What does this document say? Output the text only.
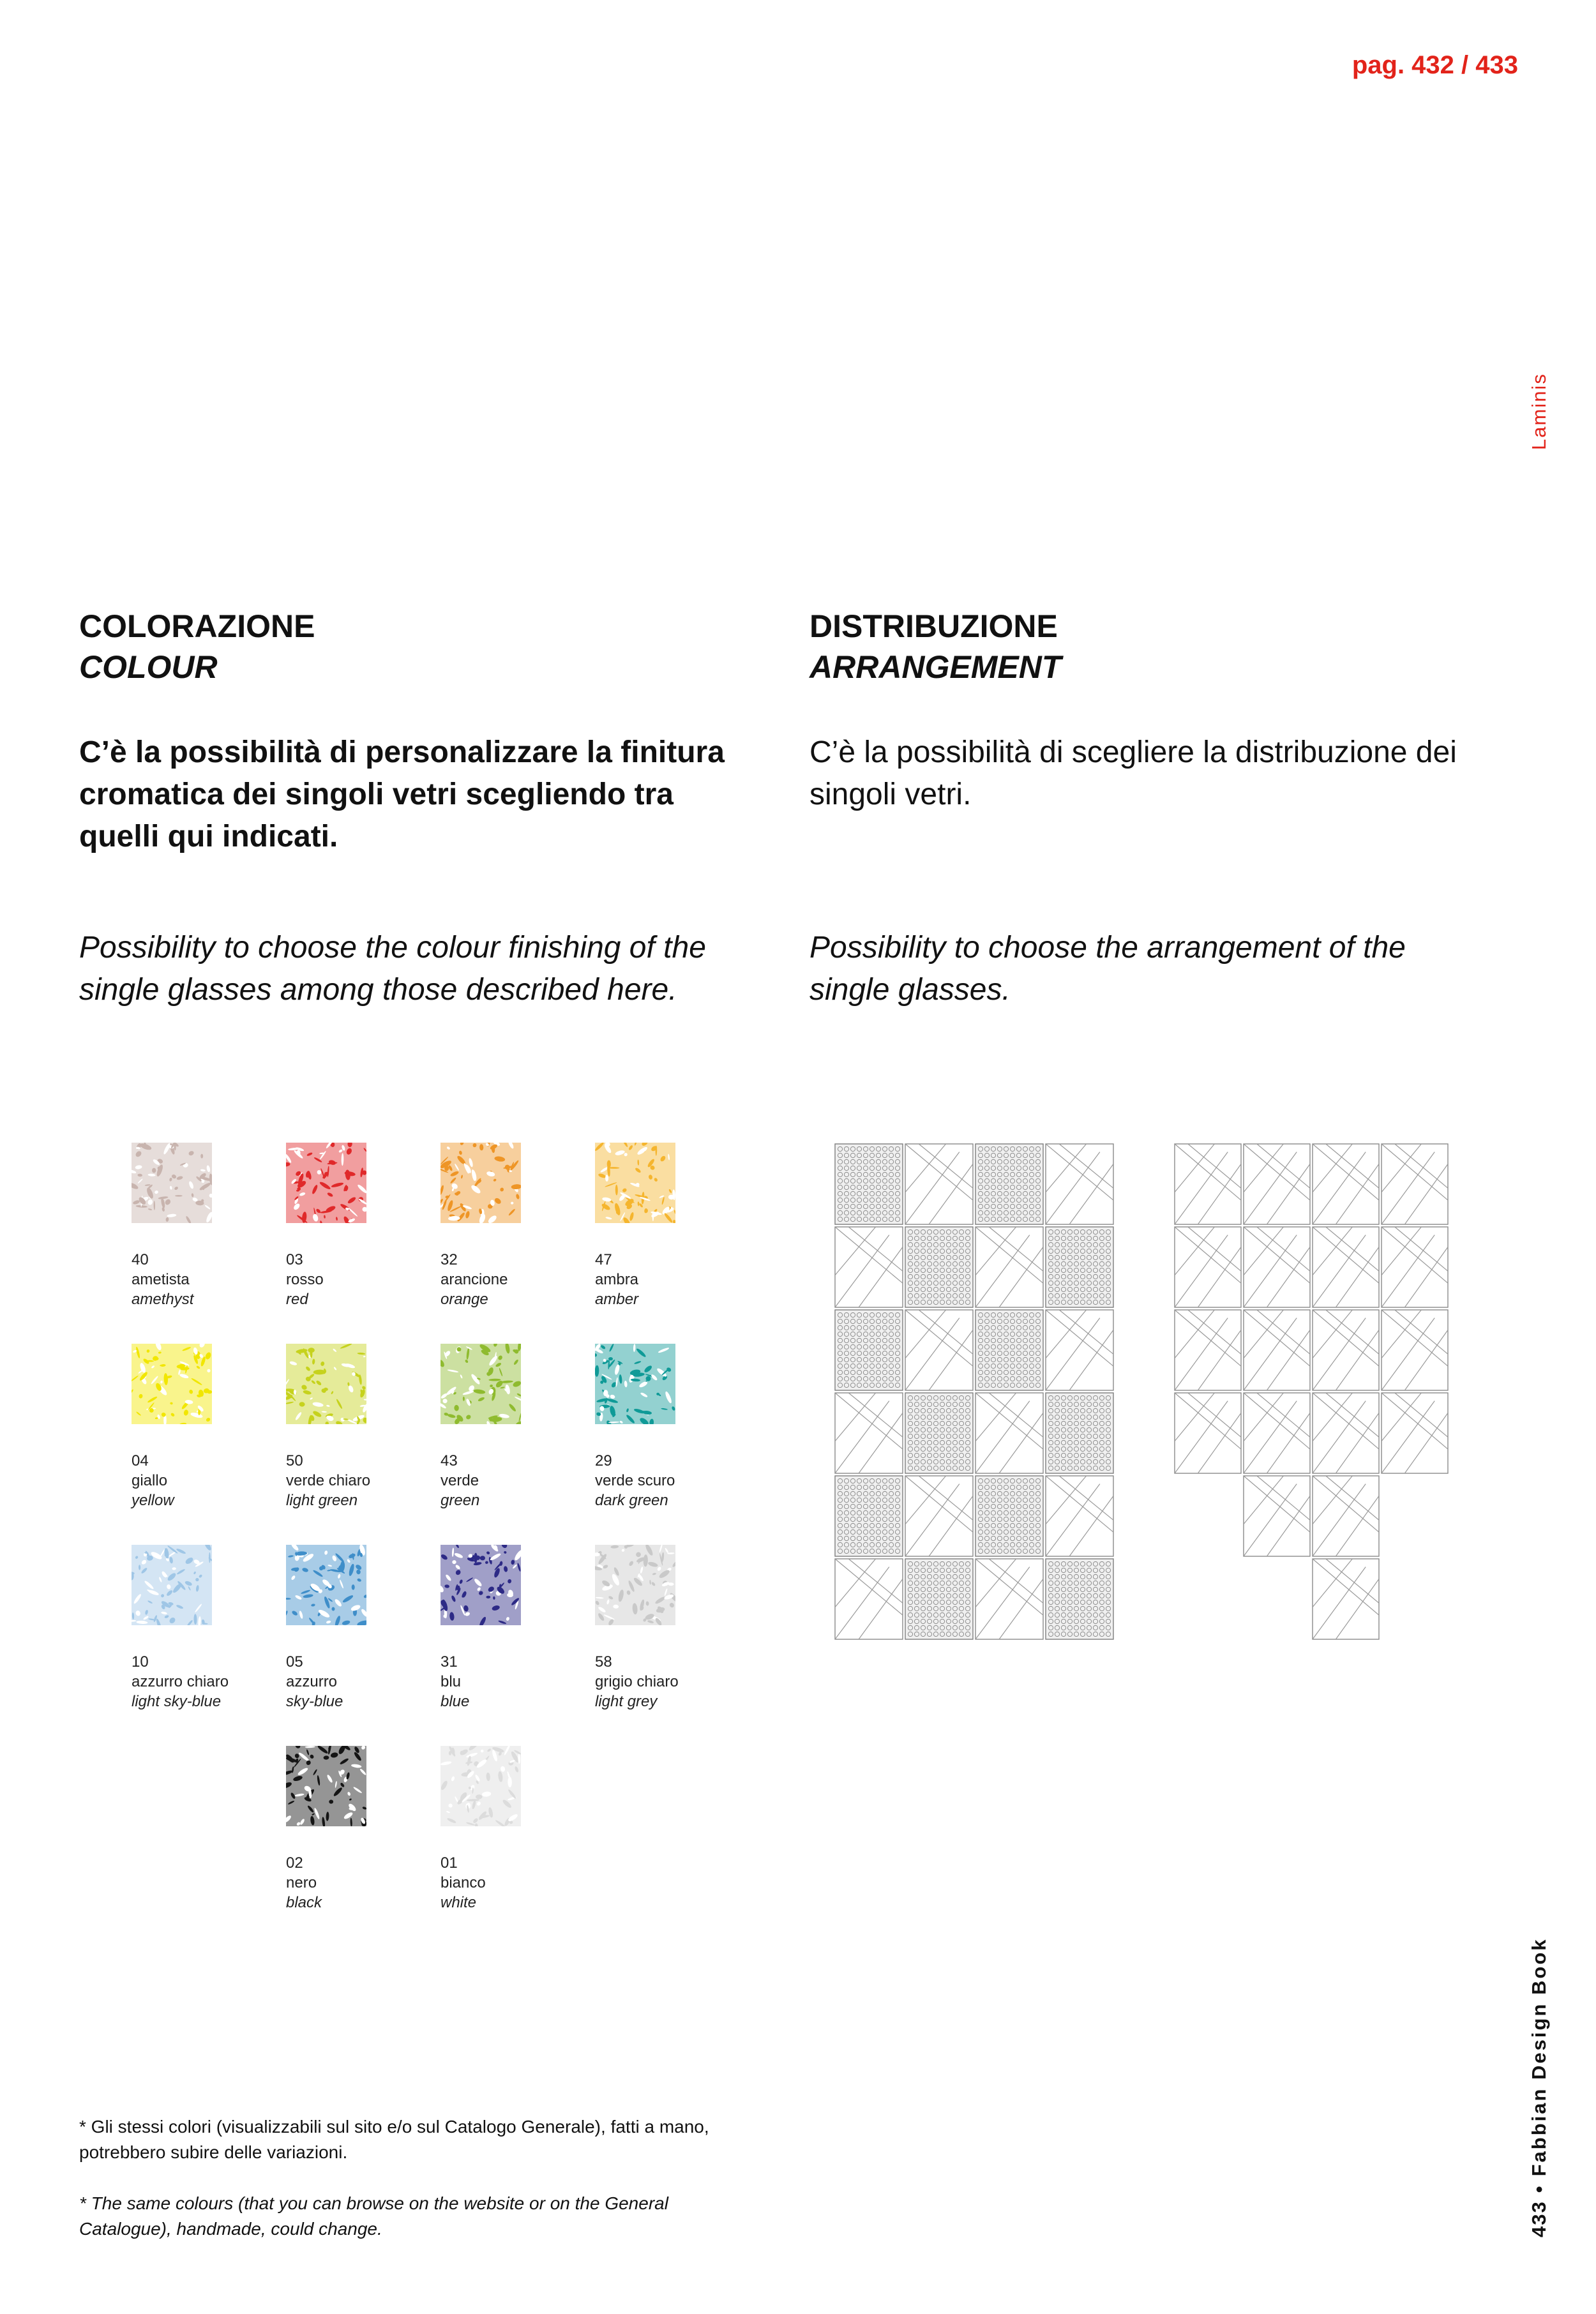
pag. 432 / 433
Laminis
433•Fabbian Design Book
COLORAZIONE
COLOUR
C’è la possibilità di personalizzare la finitura cromatica dei singoli vetri scegliendo tra quelli qui indicati.
Possibility to choose the colour finishing of the single glasses among those described here.
DISTRIBUZIONE
ARRANGEMENT
C’è la possibilità di scegliere la distribuzione dei singoli vetri.
Possibility to choose the arrangement of the single glasses.
40
ametista
amethyst
03
rosso
red
32
arancione
orange
47
ambra
amber
04
giallo
yellow
50
verde chiaro
light green
43
verde
green
29
verde scuro
dark green
10
azzurro chiaro
light sky-blue
05
azzurro
sky-blue
31
blu
blue
58
grigio chiaro
light grey
02
nero
black
01
bianco
white
* Gli stessi colori (visualizzabili sul sito e/o sul Catalogo Generale), fatti a mano, potrebbero subire delle variazioni.
* The same colours (that you can browse on the website or on the General Catalogue), handmade, could change.
